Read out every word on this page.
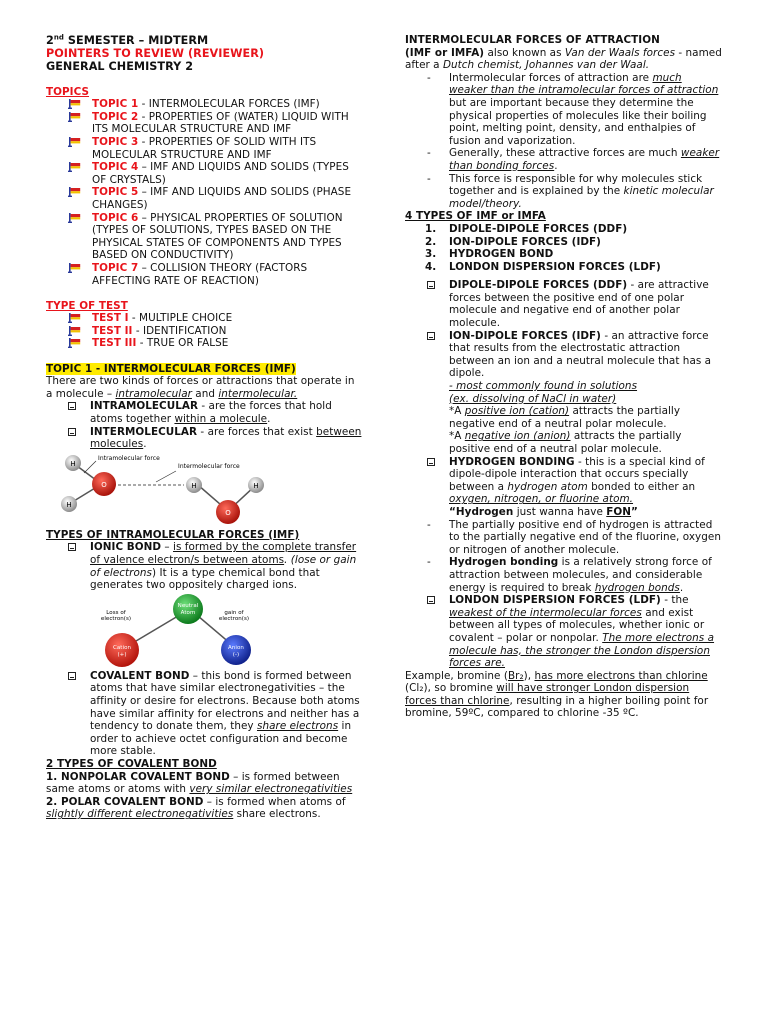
2nd SEMESTER – MIDTERM
POINTERS TO REVIEW (REVIEWER)
GENERAL CHEMISTRY 2
TOPICS
TOPIC 1 - INTERMOLECULAR FORCES (IMF)
TOPIC 2 - PROPERTIES OF (WATER) LIQUID WITH ITS MOLECULAR STRUCTURE AND IMF
TOPIC 3 - PROPERTIES OF SOLID WITH ITS MOLECULAR STRUCTURE AND IMF
TOPIC 4 – IMF AND LIQUIDS AND SOLIDS (TYPES OF CRYSTALS)
TOPIC 5 – IMF AND LIQUIDS AND SOLIDS (PHASE CHANGES)
TOPIC 6 – PHYSICAL PROPERTIES OF SOLUTION (TYPES OF SOLUTIONS, TYPES BASED ON THE PHYSICAL STATES OF COMPONENTS AND TYPES BASED ON CONDUCTIVITY)
TOPIC 7 – COLLISION THEORY (FACTORS AFFECTING RATE OF REACTION)
TYPE OF TEST
TEST I - MULTIPLE CHOICE
TEST II - IDENTIFICATION
TEST III - TRUE OR FALSE
TOPIC 1 - INTERMOLECULAR FORCES (IMF)
There are two kinds of forces or attractions that operate in a molecule – intramolecular and intermolecular.
INTRAMOLECULAR - are the forces that hold atoms together within a molecule.
INTERMOLECULAR - are forces that exist between molecules.
H
H
O	H	H
O
Intramolecular force
Intermolecular force
TYPES OF INTRAMOLECULAR FORCES (IMF)
IONIC BOND – is formed by the complete transfer of valence electron/s between atoms. (lose or gain of electrons) It is a type chemical bond that generates two oppositely charged ions.
Neutral
Atom
Cation
(+)
Anion
(-)
Loss of
electron(s)
gain of
electron(s)
COVALENT BOND – this bond is formed between atoms that have similar electronegativities – the affinity or desire for electrons. Because both atoms have similar affinity for electrons and neither has a tendency to donate them, they share electrons in order to achieve octet configuration and become more stable.
2 TYPES OF COVALENT BOND
1. NONPOLAR COVALENT BOND – is formed between same atoms or atoms with very similar electronegativities
2. POLAR COVALENT BOND – is formed when atoms of slightly different electronegativities share electrons.
INTERMOLECULAR FORCES OF ATTRACTION
(IMF or IMFA) also known as Van der Waals forces - named after a Dutch chemist, Johannes van der Waal.
- Intermolecular forces of attraction are much weaker than the intramolecular forces of attraction but are important because they determine the physical properties of molecules like their boiling point, melting point, density, and enthalpies of fusion and vaporization.
- Generally, these attractive forces are much weaker than bonding forces.
- This force is responsible for why molecules stick together and is explained by the kinetic molecular model/theory.
4 TYPES OF IMF or IMFA
1. DIPOLE-DIPOLE FORCES (DDF)
2. ION-DIPOLE FORCES (IDF)
3. HYDROGEN BOND
4. LONDON DISPERSION FORCES (LDF)
DIPOLE-DIPOLE FORCES (DDF) - are attractive forces between the positive end of one polar molecule and negative end of another polar molecule.
ION-DIPOLE FORCES (IDF) - an attractive force that results from the electrostatic attraction between an ion and a neutral molecule that has a dipole.
- most commonly found in solutions
(ex. dissolving of NaCl in water)
*A positive ion (cation) attracts the partially negative end of a neutral polar molecule.
*A negative ion (anion) attracts the partially positive end of a neutral polar molecule.
HYDROGEN BONDING - this is a special kind of dipole-dipole interaction that occurs specially between a hydrogen atom bonded to either an oxygen, nitrogen, or fluorine atom.
“Hydrogen just wanna have FON”
- The partially positive end of hydrogen is attracted to the partially negative end of the fluorine, oxygen or nitrogen of another molecule.
- Hydrogen bonding is a relatively strong force of attraction between molecules, and considerable energy is required to break hydrogen bonds.
LONDON DISPERSION FORCES (LDF) - the weakest of the intermolecular forces and exist between all types of molecules, whether ionic or covalent – polar or nonpolar. The more electrons a molecule has, the stronger the London dispersion forces are.
Example, bromine (Br₂), has more electrons than chlorine (Cl₂), so bromine will have stronger London dispersion forces than chlorine, resulting in a higher boiling point for bromine, 59ºC, compared to chlorine -35 ºC.
